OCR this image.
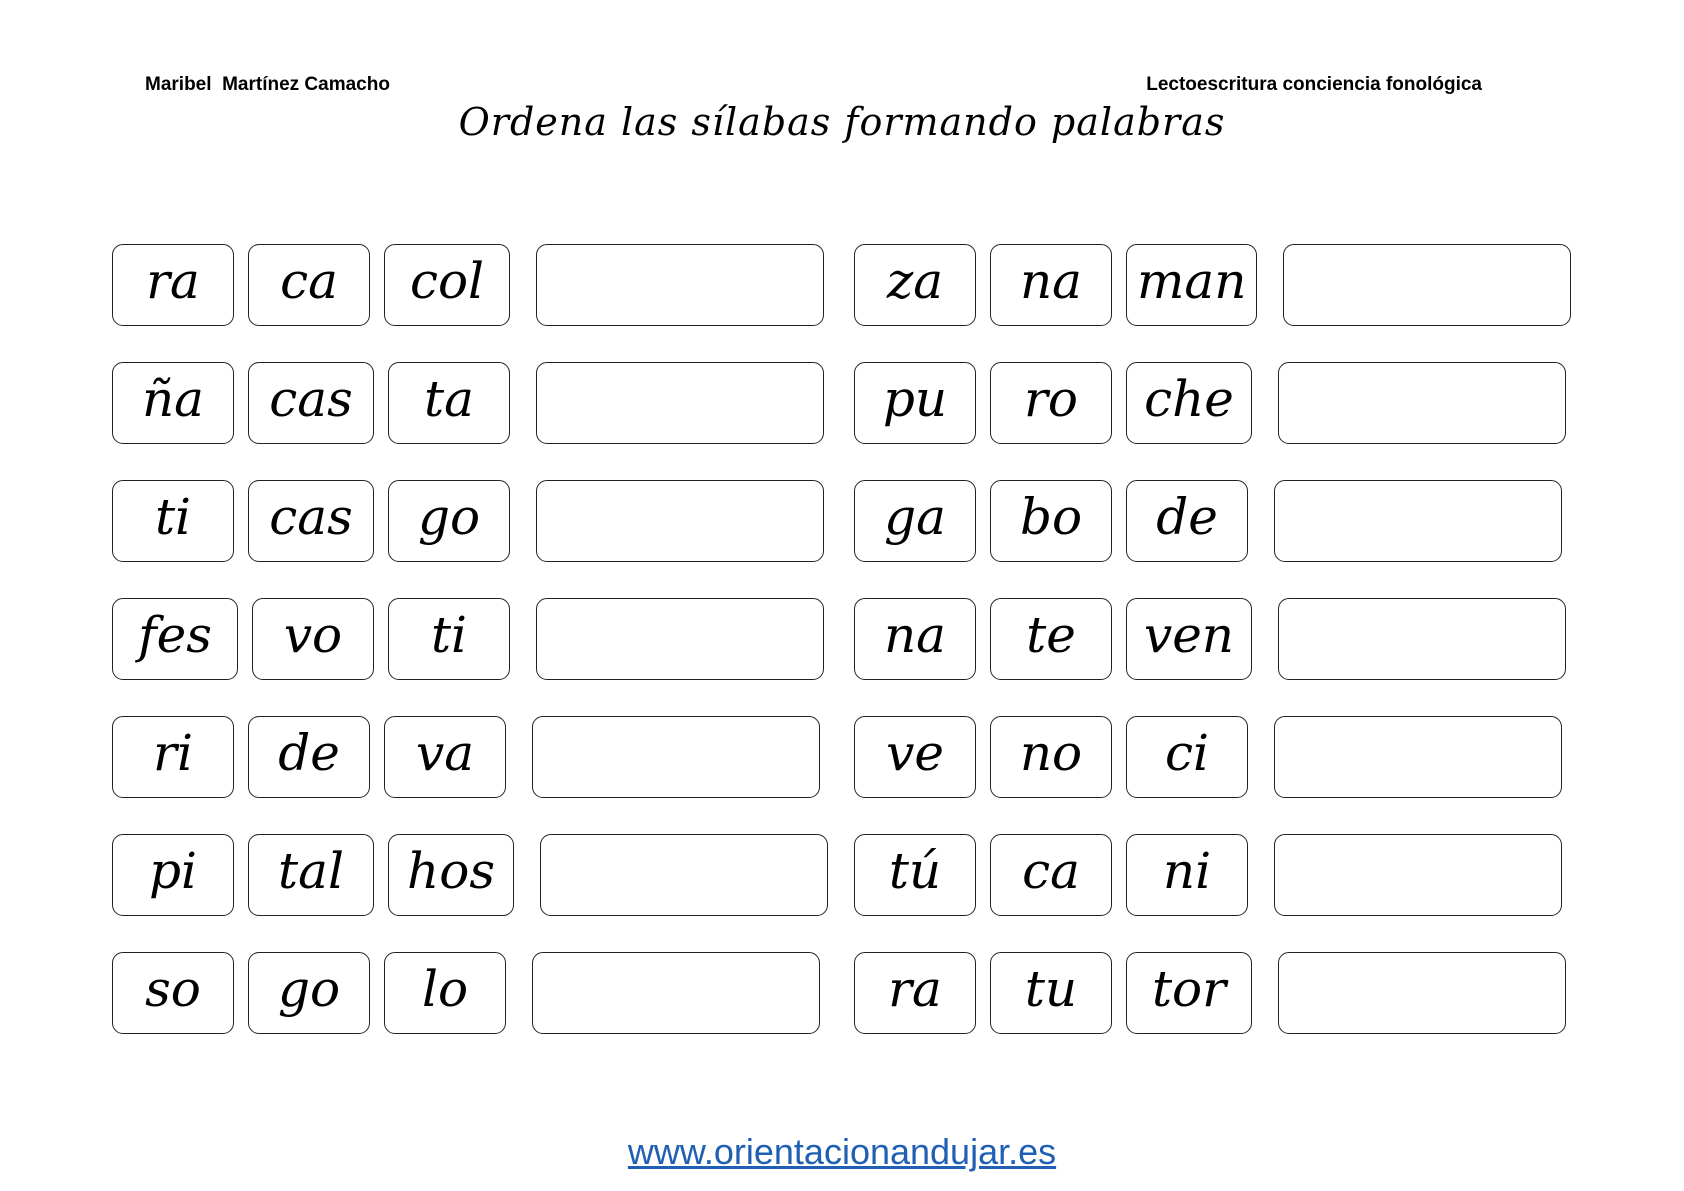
Maribel  Martínez Camacho	Lectoescritura conciencia fonológica
Ordena las sílabas formando palabras
ra	ca	col	za	na	man
ña	cas	ta	pu	ro	che
ti	cas	go	ga	bo	de
fes	vo	ti	na	te	ven
ri	de	va	ve	no	ci
pi	tal	hos	tú	ca	ni
so	go	lo	ra	tu	tor
www.orientacionandujar.es
